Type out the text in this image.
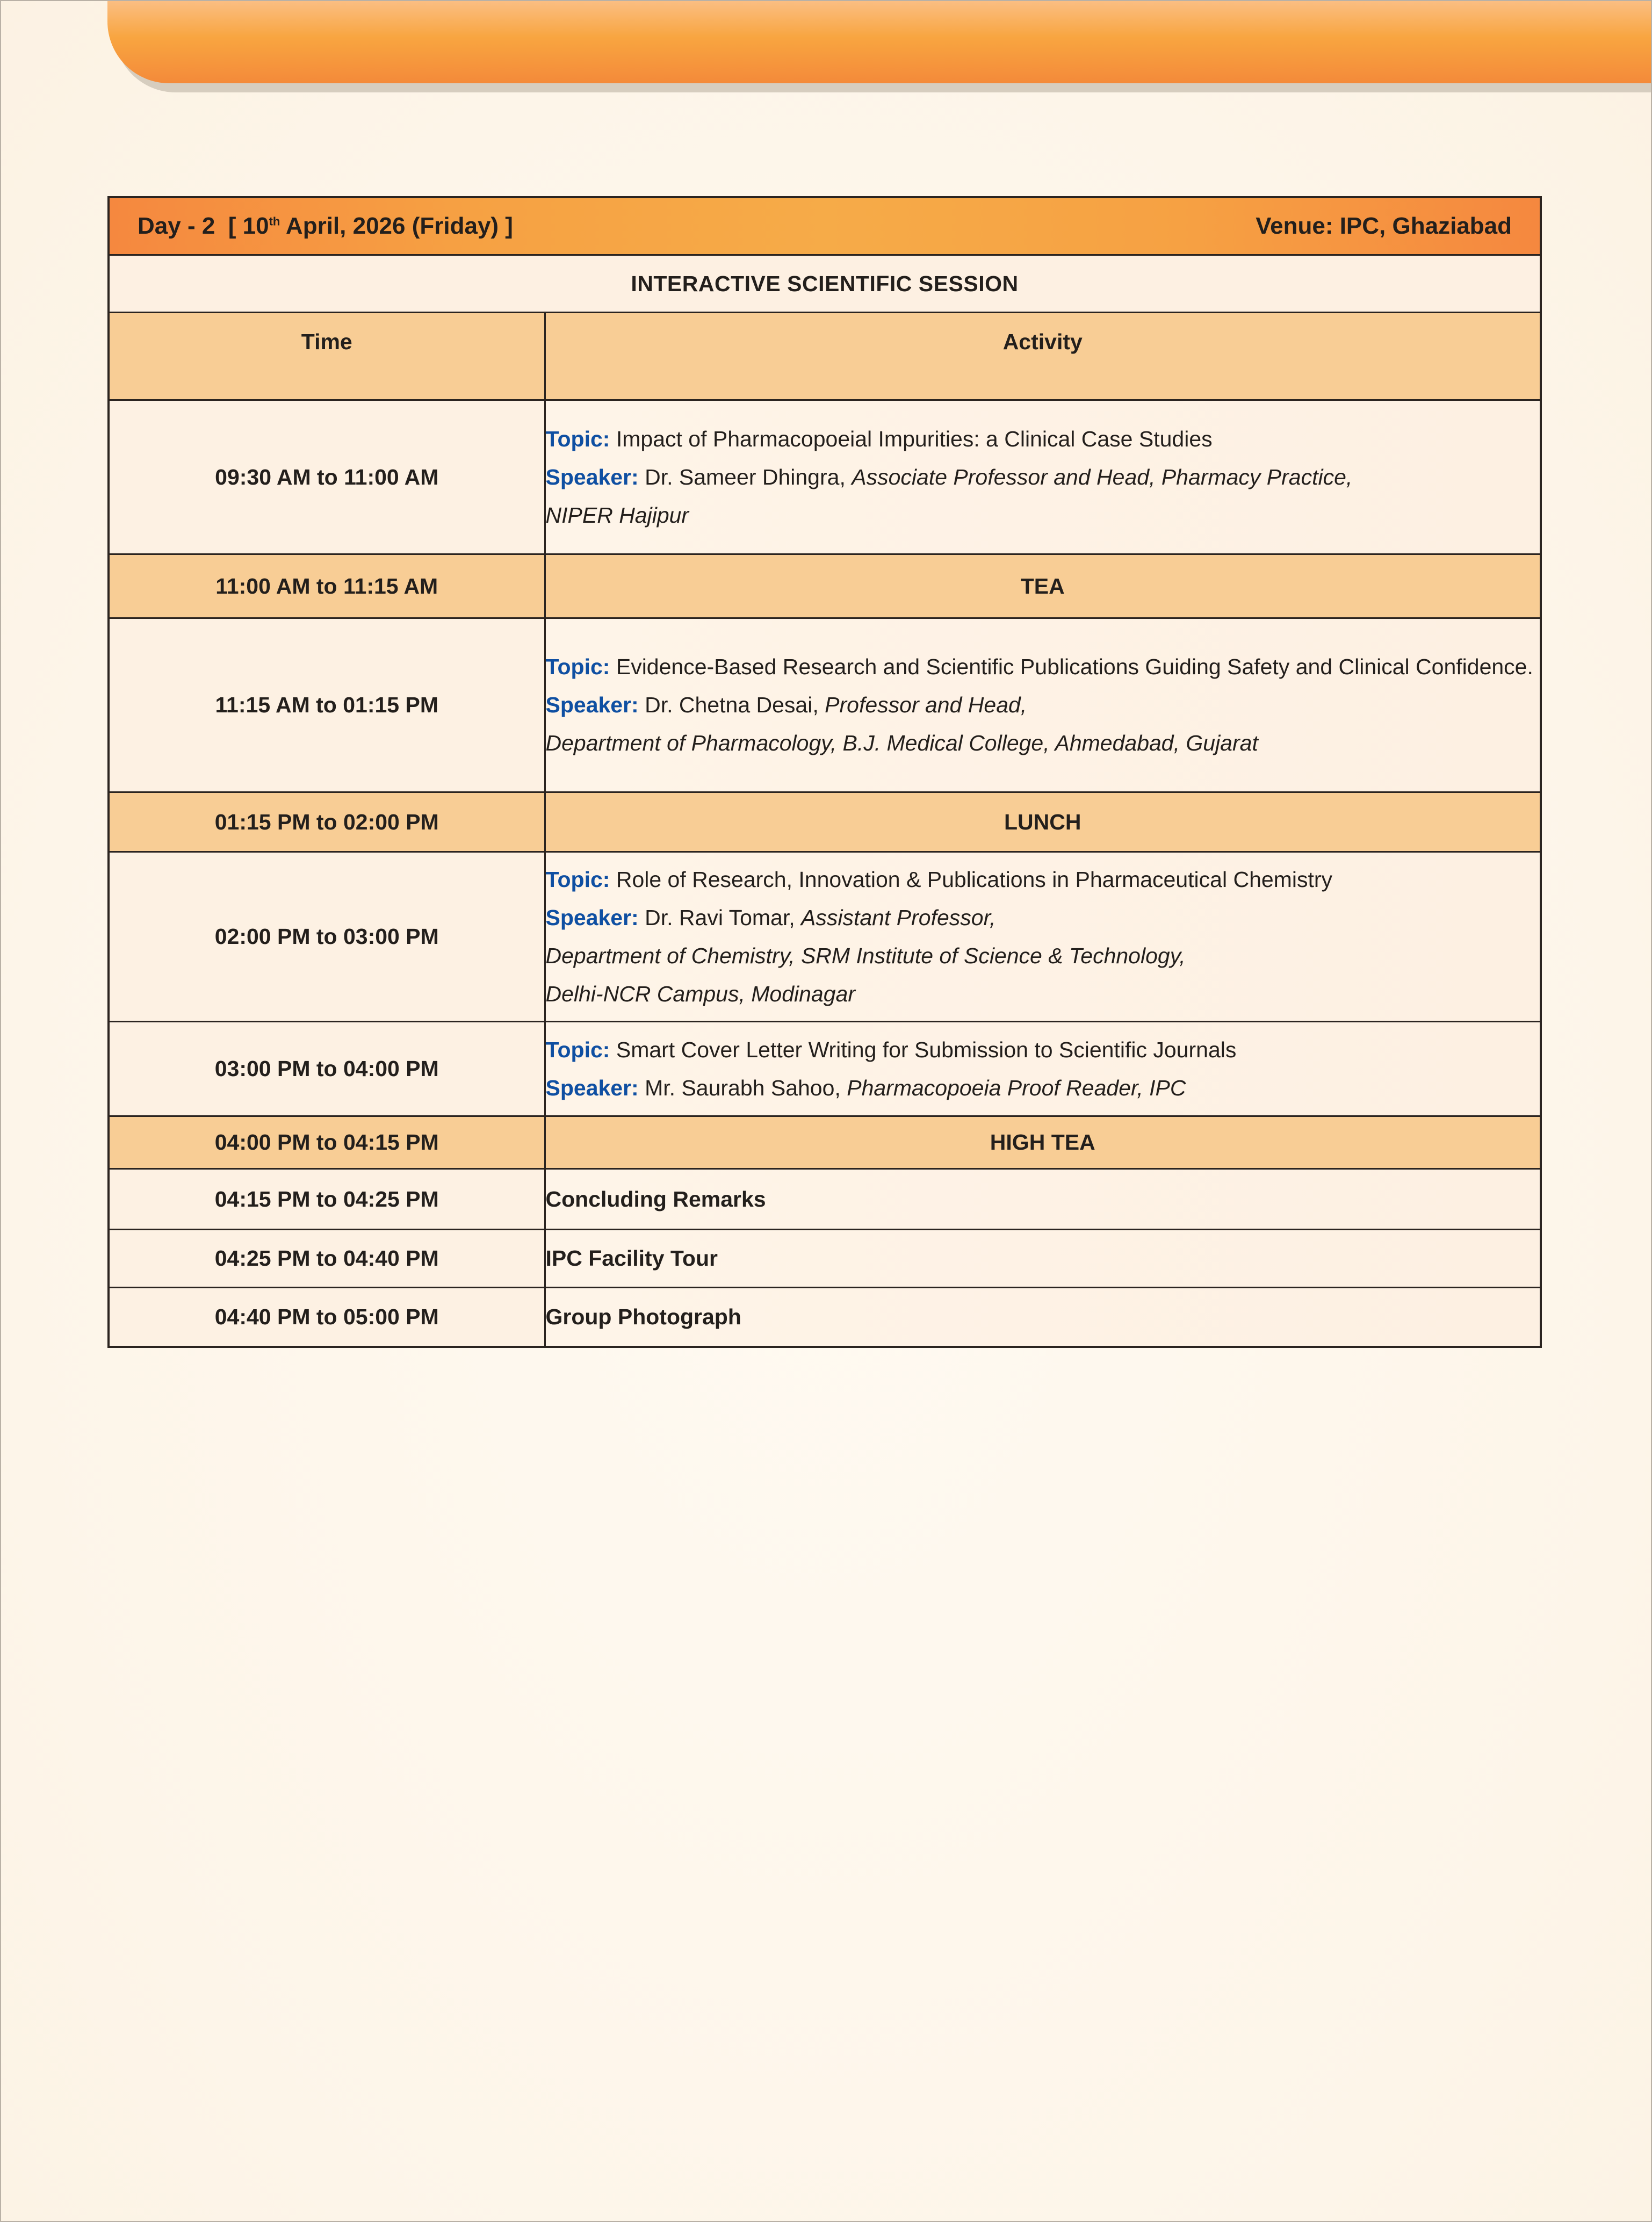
Day - 2 [ 10th April, 2026 (Friday) ] Venue: IPC, Ghaziabad	

INTERACTIVE SCIENTIFIC SESSION	
Time	Activity
09:30 AM to 11:00 AM	Topic: Impact of Pharmacopoeial Impurities: a Clinical Case Studies
Speaker: Dr. Sameer Dhingra, Associate Professor and Head, Pharmacy Practice,
NIPER Hajipur

11:00 AM to 11:15 AM	TEA
11:15 AM to 01:15 PM	Topic: Evidence-Based Research and Scientific Publications Guiding Safety and Clinical Confidence.
Speaker: Dr. Chetna Desai, Professor and Head,
Department of Pharmacology, B.J. Medical College, Ahmedabad, Gujarat

01:15 PM to 02:00 PM	LUNCH
02:00 PM to 03:00 PM	Topic: Role of Research, Innovation & Publications in Pharmaceutical Chemistry
Speaker: Dr. Ravi Tomar, Assistant Professor,
Department of Chemistry, SRM Institute of Science & Technology,
Delhi-NCR Campus, Modinagar

03:00 PM to 04:00 PM	Topic: Smart Cover Letter Writing for Submission to Scientific Journals
Speaker: Mr. Saurabh Sahoo, Pharmacopoeia Proof Reader, IPC

04:00 PM to 04:15 PM	HIGH TEA
04:15 PM to 04:25 PM	Concluding Remarks
04:25 PM to 04:40 PM	IPC Facility Tour
04:40 PM to 05:00 PM	Group Photograph
